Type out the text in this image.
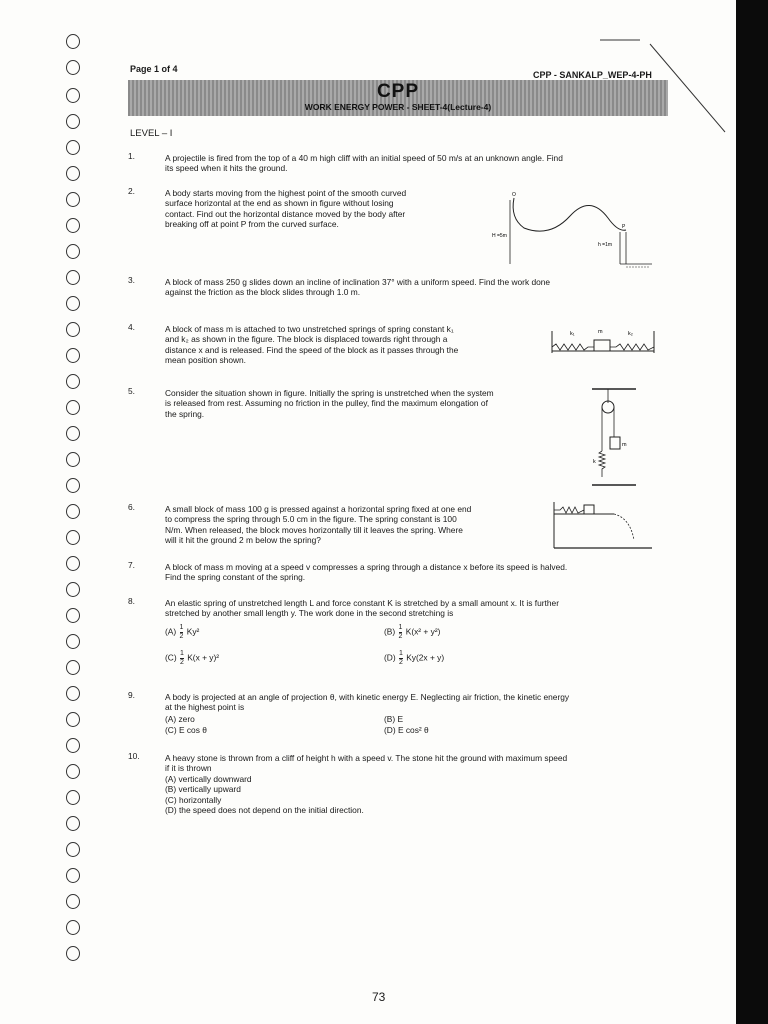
Page 1 of 4
CPP - SANKALP_WEP-4-PH
CPP
WORK ENERGY POWER - SHEET-4(Lecture-4)
LEVEL – I
1.	A projectile is fired from the top of a 40 m high cliff with an initial speed of 50 m/s at an unknown angle. Find
its speed when it hits the ground.
2.	A body starts moving from the highest point of the smooth curved
surface horizontal at the end as shown in figure without losing
contact. Find out the horizontal distance moved by the body after
breaking off at point P from the curved surface.
O
P
H =5m
h =1m
3.	A block of mass 250 g slides down an incline of inclination 37° with a uniform speed. Find the work done
against the friction as the block slides through 1.0 m.
4.	A block of mass m is attached to two unstretched springs of spring constant k₁
and k₂ as shown in the figure. The block is displaced towards right through a
distance x and is released. Find the speed of the block as it passes through the
mean position shown.
k₁	m	k₂
5.	Consider the situation shown in figure. Initially the spring is unstretched when the system
is released from rest. Assuming no friction in the pulley, find the maximum elongation of
the spring.
m
k
6.	A small block of mass 100 g is pressed against a horizontal spring fixed at one end
to compress the spring through 5.0 cm in the figure. The spring constant is 100
N/m. When released, the block moves horizontally till it leaves the spring. Where
will it hit the ground 2 m below the spring?
7.	A block of mass m moving at a speed v compresses a spring through a distance x before its speed is halved.
Find the spring constant of the spring.
8.	An elastic spring of unstretched length L and force constant K is stretched by a small amount x. It is further
stretched by another small length y. The work done in the second stretching is
$(A) \frac{1}{2} Ky^2$	$(B) \frac{1}{2} K(x^2 + y^2)$
$(C) \frac{1}{2} K(x + y)^2$	$(D) \frac{1}{2} Ky(2x + y)$
9.	A body is projected at an angle of projection θ, with kinetic energy E. Neglecting air friction, the kinetic energy
at the highest point is
(A) zero	(B) E
(C) E cos θ	(D) E cos² θ
10.	A heavy stone is thrown from a cliff of height h with a speed v. The stone hit the ground with maximum speed
if it is thrown
(A) vertically downward
(B) vertically upward
(C) horizontally
(D) the speed does not depend on the initial direction.
73
